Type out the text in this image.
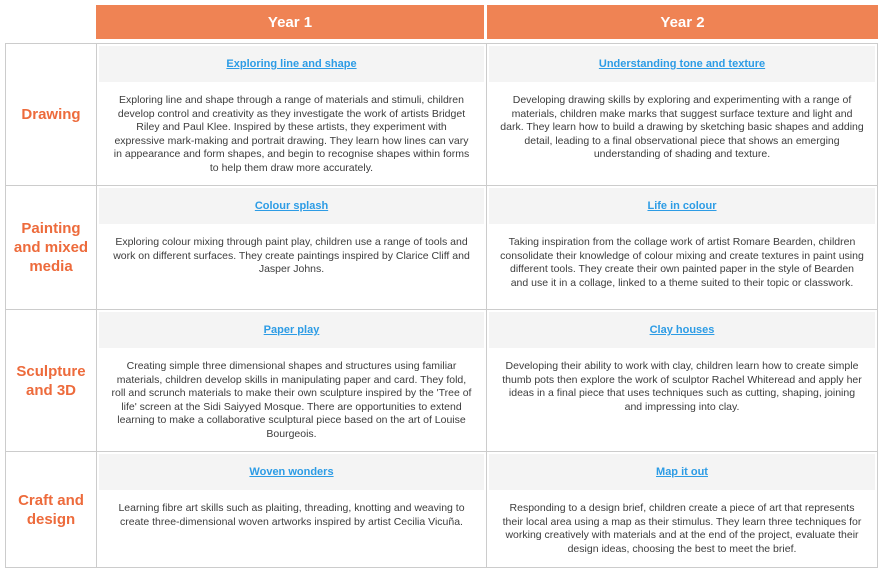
Year 1	Year 2
Drawing
Exploring line and shape
Exploring line and shape through a range of materials and stimuli, children develop control and creativity as they investigate the work of artists Bridget Riley and Paul Klee. Inspired by these artists, they experiment with expressive mark-making and portrait drawing. They learn how lines can vary in appearance and form shapes, and begin to recognise shapes within forms to help them draw more accurately.
Understanding tone and texture
Developing drawing skills by exploring and experimenting with a range of materials, children make marks that suggest surface texture and light and dark. They learn how to build a drawing by sketching basic shapes and adding detail, leading to a final observational piece that shows an emerging understanding of shading and texture.
Painting and mixed media
Colour splash
Exploring colour mixing through paint play, children use a range of tools and work on different surfaces. They create paintings inspired by Clarice Cliff and Jasper Johns.
Life in colour
Taking inspiration from the collage work of artist Romare Bearden, children consolidate their knowledge of colour mixing and create textures in paint using different tools. They create their own painted paper in the style of Bearden and use it in a collage, linked to a theme suited to their topic or classwork.
Sculpture and 3D
Paper play
Creating simple three dimensional shapes and structures using familiar materials, children develop skills in manipulating paper and card. They fold, roll and scrunch materials to make their own sculpture inspired by the 'Tree of life' screen at the Sidi Saiyyed Mosque. There are opportunities to extend learning to make a collaborative sculptural piece based on the art of Louise Bourgeois.
Clay houses
Developing their ability to work with clay, children learn how to create simple thumb pots then explore the work of sculptor Rachel Whiteread and apply her ideas in a final piece that uses techniques such as cutting, shaping, joining and impressing into clay.
Craft and design
Woven wonders
Learning fibre art skills such as plaiting, threading, knotting and weaving to create three-dimensional woven artworks inspired by artist Cecilia Vicuña.
Map it out
Responding to a design brief, children create a piece of art that represents their local area using a map as their stimulus. They learn three techniques for working creatively with materials and at the end of the project, evaluate their design ideas, choosing the best to meet the brief.
